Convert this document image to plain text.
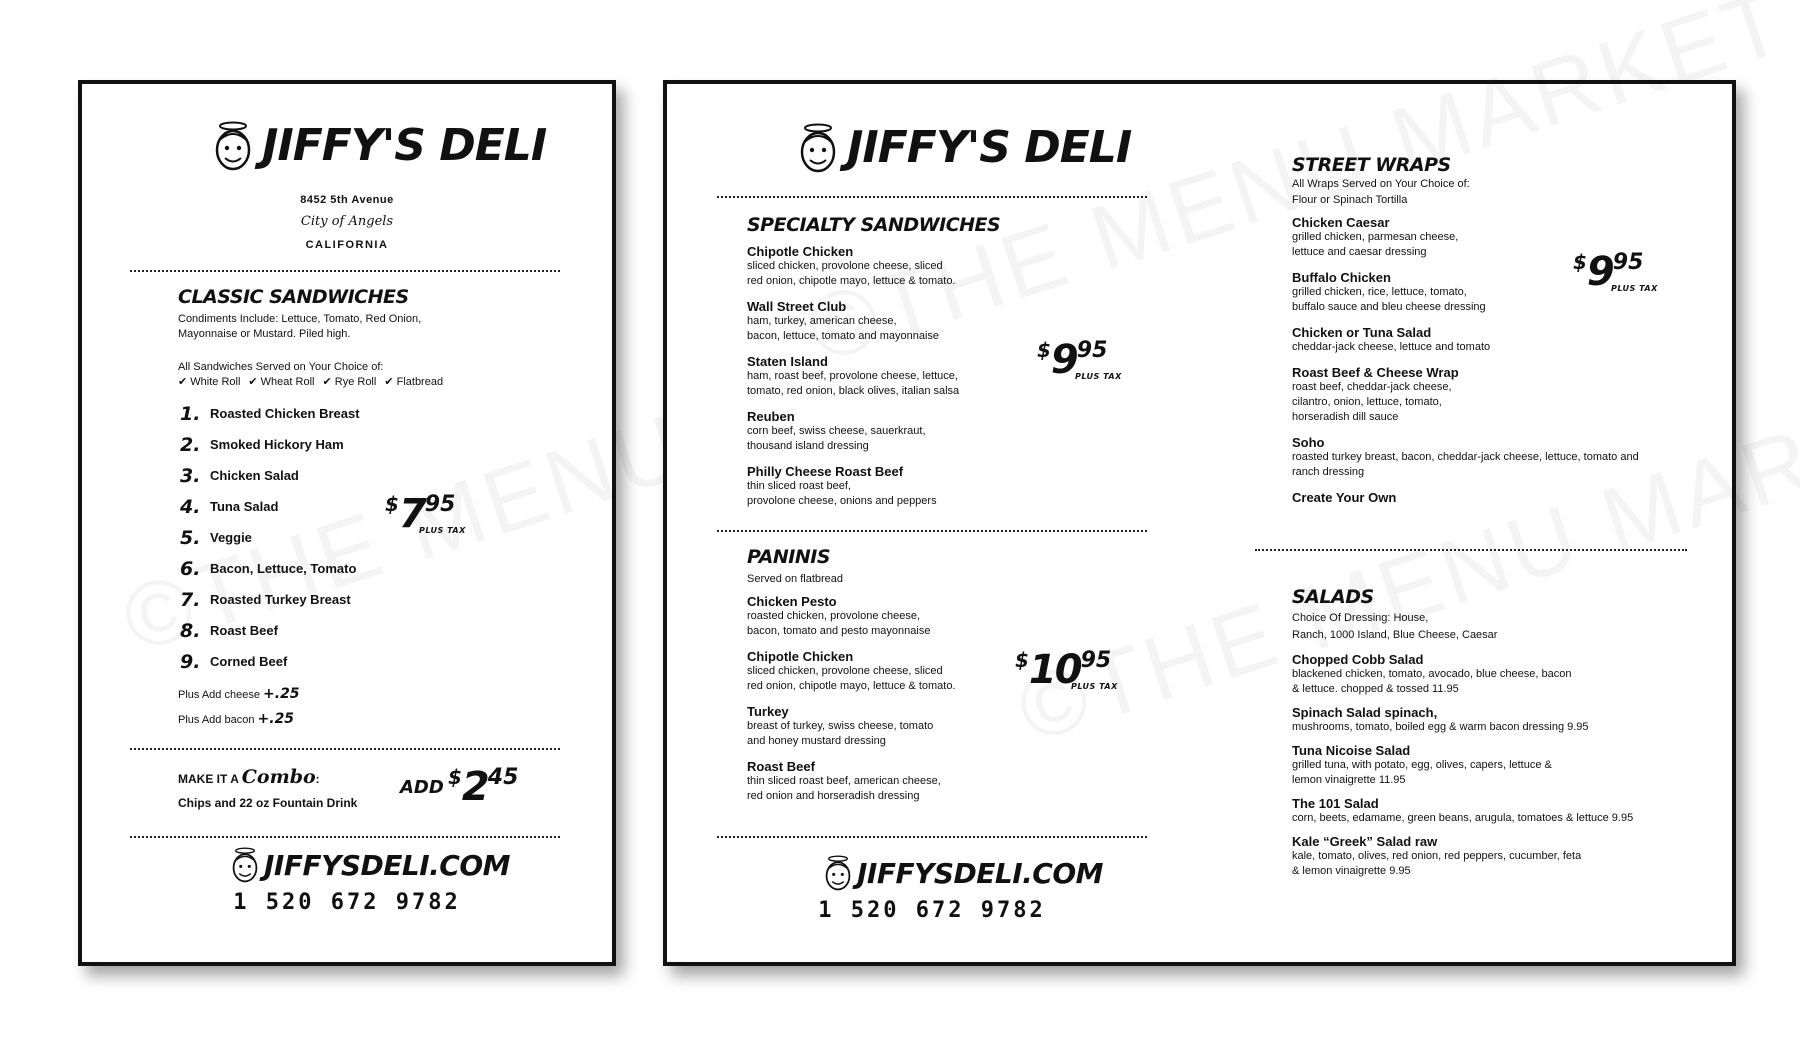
JIFFY'S DELI
8452 5th Avenue
City of Angels
CALIFORNIA
CLASSIC SANDWICHES
Condiments Include: Lettuce, Tomato, Red Onion, Mayonnaise or Mustard. Piled high.
All Sandwiches Served on Your Choice of:
✔ White Roll ✔ Wheat Roll ✔ Rye Roll ✔ Flatbread
1. Roasted Chicken Breast
2. Smoked Hickory Ham
3. Chicken Salad
4. Tuna Salad
5. Veggie
6. Bacon, Lettuce, Tomato
7. Roasted Turkey Breast
8. Roast Beef
9. Corned Beef
$795
PLUS TAX
Plus Add cheese +.25
Plus Add bacon +.25
MAKE IT A Combo:
Chips and 22 oz Fountain Drink
ADD $245
JIFFYSDELI.COM
1 520 672 9782
JIFFY'S DELI
SPECIALTY SANDWICHES
Chipotle Chicken
sliced chicken, provolone cheese, sliced
red onion, chipotle mayo, lettuce & tomato.
Wall Street Club
ham, turkey, american cheese,
bacon, lettuce, tomato and mayonnaise
Staten Island
ham, roast beef, provolone cheese, lettuce,
tomato, red onion, black olives, italian salsa
Reuben
corn beef, swiss cheese, sauerkraut,
thousand island dressing
Philly Cheese Roast Beef
thin sliced roast beef,
provolone cheese, onions and peppers
$995
PLUS TAX
PANINIS
Served on flatbread
Chicken Pesto
roasted chicken, provolone cheese,
bacon, tomato and pesto mayonnaise
Chipotle Chicken
sliced chicken, provolone cheese, sliced
red onion, chipotle mayo, lettuce & tomato.
Turkey
breast of turkey, swiss cheese, tomato
and honey mustard dressing
Roast Beef
thin sliced roast beef, american cheese,
red onion and horseradish dressing
$1095
PLUS TAX
JIFFYSDELI.COM
1 520 672 9782
STREET WRAPS
All Wraps Served on Your Choice of:
Flour or Spinach Tortilla
Chicken Caesar
grilled chicken, parmesan cheese,
lettuce and caesar dressing
Buffalo Chicken
grilled chicken, rice, lettuce, tomato,
buffalo sauce and bleu cheese dressing
Chicken or Tuna Salad
cheddar-jack cheese, lettuce and tomato
Roast Beef & Cheese Wrap
roast beef, cheddar-jack cheese,
cilantro, onion, lettuce, tomato,
horseradish dill sauce
Soho
roasted turkey breast, bacon, cheddar-jack cheese, lettuce, tomato and
ranch dressing
Create Your Own
$995
PLUS TAX
SALADS
Choice Of Dressing: House,
Ranch, 1000 Island, Blue Cheese, Caesar
Chopped Cobb Salad
blackened chicken, tomato, avocado, blue cheese, bacon
& lettuce. chopped & tossed 11.95
Spinach Salad spinach,
mushrooms, tomato, boiled egg & warm bacon dressing 9.95
Tuna Nicoise Salad
grilled tuna, with potato, egg, olives, capers, lettuce &
lemon vinaigrette 11.95
The 101 Salad
corn, beets, edamame, green beans, arugula, tomatoes & lettuce 9.95
Kale “Greek” Salad raw
kale, tomato, olives, red onion, red peppers, cucumber, feta
& lemon vinaigrette 9.95
